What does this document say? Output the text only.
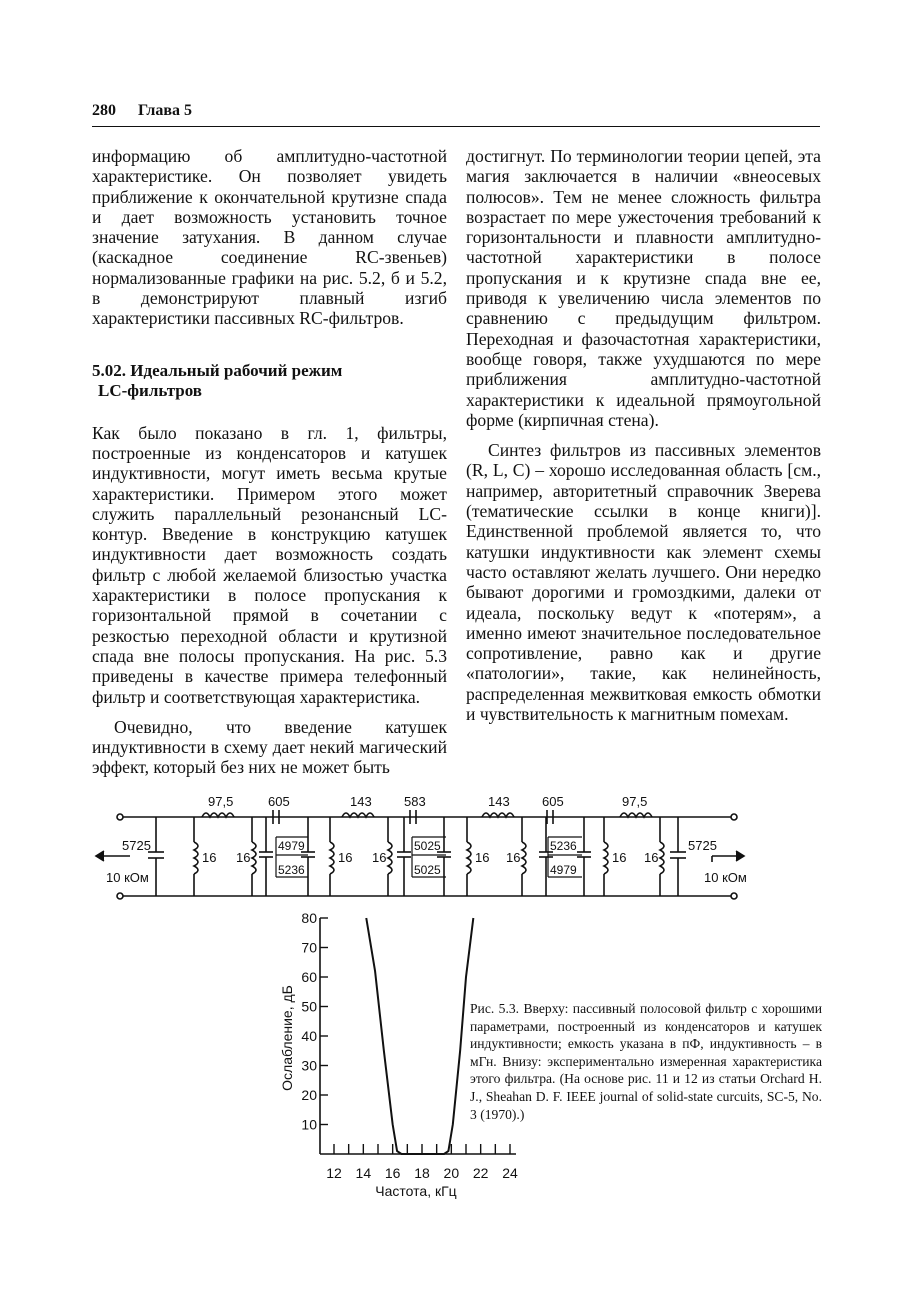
280 Глава 5

информацию об амплитудно-частотной характеристике. Он позволяет увидеть приближение к окончательной крутизне спада и дает возможность установить точное значение затухания. В данном случае (каскадное соединение RC-звеньев) нормализованные графики на рис. 5.2, б и 5.2, в демонстрируют плавный изгиб характеристики пассивных RC-фильтров.

5.02. Идеальный рабочий режим
LC-фильтров

Как было показано в гл. 1, фильтры, построенные из конденсаторов и катушек индуктивности, могут иметь весьма крутые характеристики. Примером этого может служить параллельный резонансный LC-контур. Введение в конструкцию катушек индуктивности дает возможность создать фильтр с любой желаемой близостью участка характеристики в полосе пропускания к горизонтальной прямой в сочетании с резкостью переходной области и крутизной спада вне полосы пропускания. На рис. 5.3 приведены в качестве примера телефонный фильтр и соответствующая характеристика.

Очевидно, что введение катушек индуктивности в схему дает некий магический эффект, который без них не может быть

достигнут. По терминологии теории цепей, эта магия заключается в наличии «внеосевых полюсов». Тем не менее сложность фильтра возрастает по мере ужесточения требований к горизонтальности и плавности амплитудно-частотной характеристики в полосе пропускания и к крутизне спада вне ее, приводя к увеличению числа элементов по сравнению с предыдущим фильтром. Переходная и фазочастотная характеристики, вообще говоря, также ухудшаются по мере приближения амплитудно-частотной характеристики к идеальной прямоугольной форме (кирпичная стена).

Синтез фильтров из пассивных элементов (R, L, C) – хорошо исследованная область [см., например, авторитетный справочник Зверева (тематические ссылки в конце книги)]. Единственной проблемой является то, что катушки индуктивности как элемент схемы часто оставляют желать лучшего. Они нередко бывают дорогими и громоздкими, далеки от идеала, поскольку ведут к «потерям», а именно имеют значительное последовательное сопротивление, равно как и другие «патологии», такие, как нелинейность, распределенная межвитковая емкость обмотки и чувствительность к магнитным помехам.

97,5	605	143 583	143 605	97,5
5725	5725
16 16	16 16	16 16	16 16
4979
5236
5025
5025
5236
4979
10 кОм	10 кОм
10
20
30
40
50
60
70
80
12 14 16 18 20 22 24
Частота, кГц
Ослабление, дБ	Рис. 5.3. Вверху: пассивный полосовой фильтр с хорошими параметрами, построенный из конденсаторов и катушек индуктивности; емкость указана в пФ, индуктивность – в мГн. Внизу: экспериментально измеренная характеристика этого фильтра. (На основе рис. 11 и 12 из статьи Orchard H. J., Sheahan D. F. IEEE journal of solid-state curcuits, SC-5, No. 3 (1970).)
